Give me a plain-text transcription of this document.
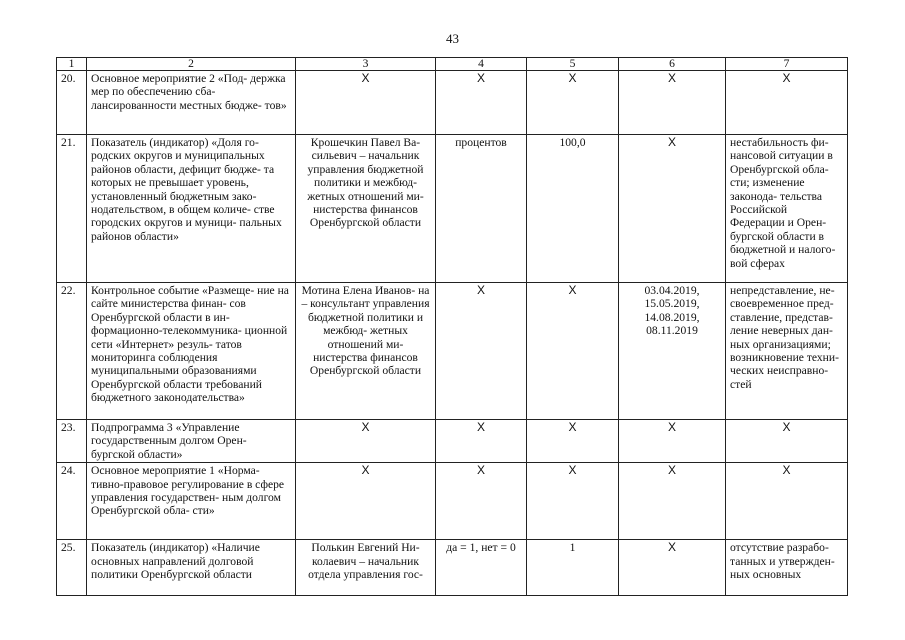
43
1	2	3	4	5	6	7
20.	Основное мероприятие 2 «Под- держка мер по обеспечению сба- лансированности местных бюдже- тов»	X	X	X	X	X
21.	Показатель (индикатор) «Доля го- родских округов и муниципальных районов области, дефицит бюдже- та которых не превышает уровень, установленный бюджетным зако- нодательством, в общем количе- стве городских округов и муници- пальных районов области»	Крошечкин Павел Ва- сильевич – начальник управления бюджетной политики и межбюд- жетных отношений ми- нистерства финансов Оренбургской области	процентов	100,0	X	нестабильность фи- нансовой ситуации в Оренбургской обла- сти; изменение законода- тельства Российской Федерации и Орен- бургской области в бюджетной и налого- вой сферах
22.	Контрольное событие «Размеще- ние на сайте министерства финан- сов Оренбургской области в ин- формационно-телекоммуника- ционной сети «Интернет» резуль- татов мониторинга соблюдения муниципальными образованиями Оренбургской области требований бюджетного законодательства»	Мотина Елена Иванов- на – консультант управления бюджетной политики и межбюд- жетных отношений ми- нистерства финансов Оренбургской области	X	X	03.04.2019, 15.05.2019, 14.08.2019, 08.11.2019	непредставление, не- своевременное пред- ставление, представ- ление неверных дан- ных организациями; возникновение техни- ческих неисправно- стей
23.	Подпрограмма 3 «Управление государственным долгом Орен- бургской области»	X	X	X	X	X
24.	Основное мероприятие 1 «Норма- тивно-правовое регулирование в сфере управления государствен- ным долгом Оренбургской обла- сти»	X	X	X	X	X
25.	Показатель (индикатор) «Наличие основных направлений долговой политики Оренбургской области	Полькин Евгений Ни- колаевич – начальник отдела управления гос-	да = 1, нет = 0	1	X	отсутствие разрабо- танных и утвержден- ных основных
